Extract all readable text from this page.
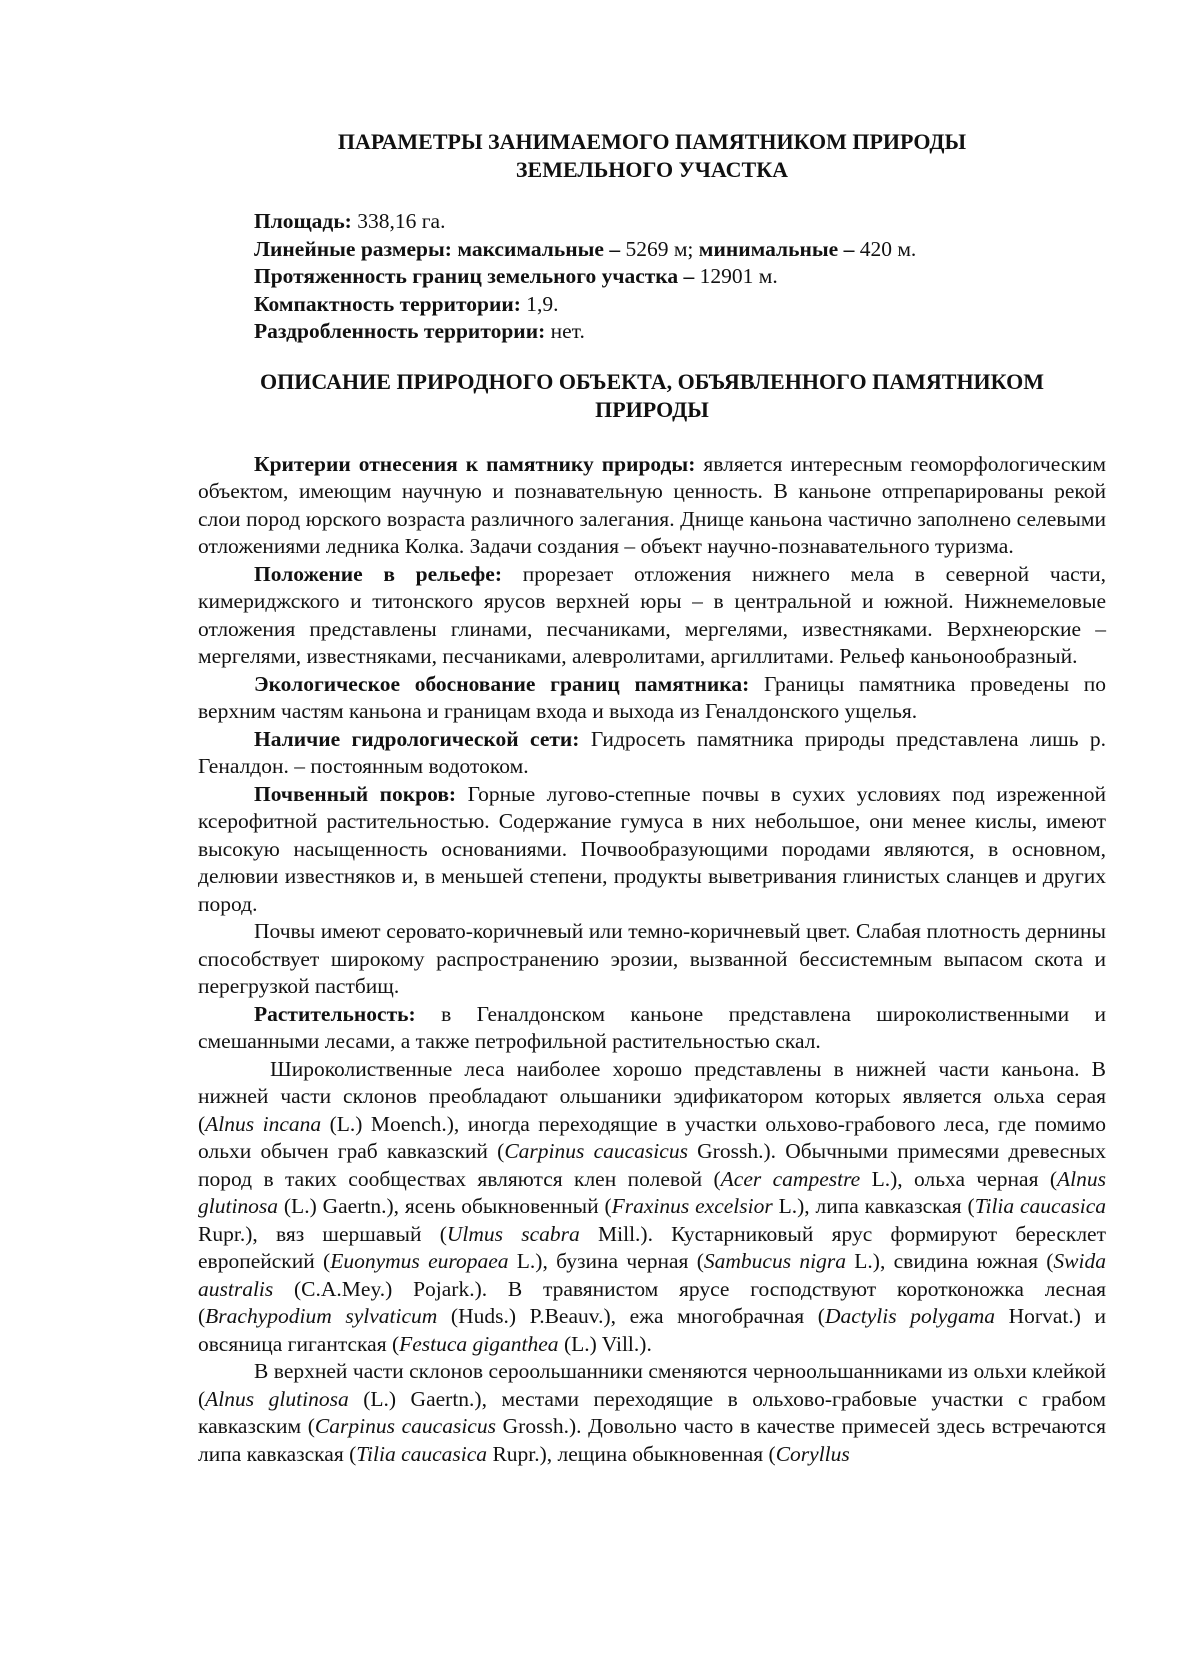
ПАРАМЕТРЫ ЗАНИМАЕМОГО ПАМЯТНИКОМ ПРИРОДЫ
ЗЕМЕЛЬНОГО УЧАСТКА
Площадь: 338,16 га.
Линейные размеры: максимальные – 5269 м; минимальные – 420 м.
Протяженность границ земельного участка – 12901 м.
Компактность территории: 1,9.
Раздробленность территории: нет.
ОПИСАНИЕ ПРИРОДНОГО ОБЪЕКТА, ОБЪЯВЛЕННОГО ПАМЯТНИКОМ
ПРИРОДЫ

Критерии отнесения к памятнику природы: является интересным геоморфологическим объектом, имеющим научную и познавательную ценность. В каньоне отпрепарированы рекой слои пород юрского возраста различного залегания. Днище каньона частично заполнено селевыми отложениями ледника Колка. Задачи создания – объект научно-познавательного туризма.

Положение в рельефе: прорезает отложения нижнего мела в северной части, кимериджского и титонского ярусов верхней юры – в центральной и южной. Нижнемеловые отложения представлены глинами, песчаниками, мергелями, известняками. Верхнеюрские – мергелями, известняками, песчаниками, алевролитами, аргиллитами. Рельеф каньонообразный.

Экологическое обоснование границ памятника: Границы памятника проведены по верхним частям каньона и границам входа и выхода из Геналдонского ущелья.

Наличие гидрологической сети: Гидросеть памятника природы представлена лишь р. Геналдон. – постоянным водотоком.

Почвенный покров: Горные лугово-степные почвы в сухих условиях под изреженной ксерофитной растительностью. Содержание гумуса в них небольшое, они менее кислы, имеют высокую насыщенность основаниями. Почвообразующими породами являются, в основном, делювии известняков и, в меньшей степени, продукты выветривания глинистых сланцев и других пород.

Почвы имеют серовато-коричневый или темно-коричневый цвет. Слабая плотность дернины способствует широкому распространению эрозии, вызванной бессистемным выпасом скота и перегрузкой пастбищ.

Растительность: в Геналдонском каньоне представлена широколиственными и смешанными лесами, а также петрофильной растительностью скал.

Широколиственные леса наиболее хорошо представлены в нижней части каньона. В нижней части склонов преобладают ольшаники эдификатором которых является ольха серая (Alnus incana (L.) Moench.), иногда переходящие в участки ольхово-грабового леса, где помимо ольхи обычен граб кавказский (Carpinus caucasicus Grossh.). Обычными примесями древесных пород в таких сообществах являются клен полевой (Acer campestre L.), ольха черная (Alnus glutinosa (L.) Gaertn.), ясень обыкновенный (Fraxinus excelsior L.), липа кавказская (Tilia caucasica Rupr.), вяз шершавый (Ulmus scabra Mill.). Кустарниковый ярус формируют бересклет европейский (Euonymus europaea L.), бузина черная (Sambucus nigra L.), свидина южная (Swida australis (C.A.Mey.) Pojark.). В травянистом ярусе господствуют коротконожка лесная (Brachypodium sylvaticum (Huds.) P.Beauv.), ежа многобрачная (Dactylis polygama Horvat.) и овсяница гигантская (Festuca giganthea (L.) Vill.).

В верхней части склонов сероольшанники сменяются черноольшанниками из ольхи клейкой (Alnus glutinosa (L.) Gaertn.), местами переходящие в ольховo-грабовые участки с грабом кавказским (Carpinus caucasicus Grossh.). Довольно часто в качестве примесей здесь встречаются липа кавказская (Tilia caucasica Rupr.), лещина обыкновенная (Coryllus
